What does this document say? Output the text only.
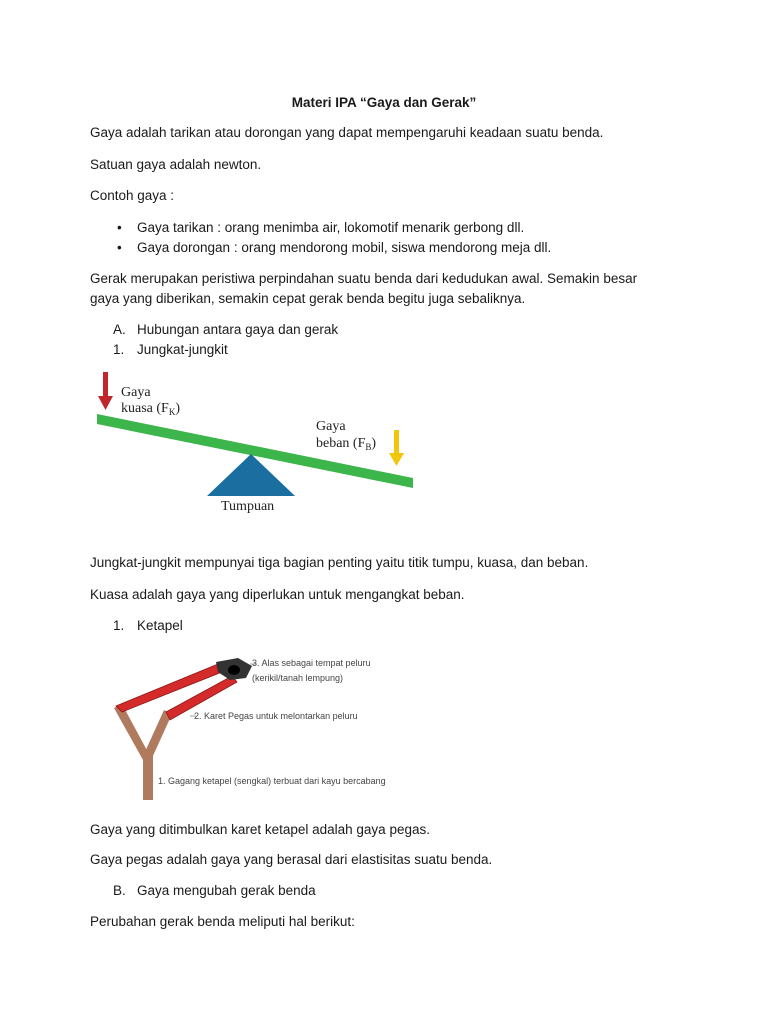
Materi IPA “Gaya dan Gerak”
Gaya adalah tarikan atau dorongan yang dapat mempengaruhi keadaan suatu benda.
Satuan gaya adalah newton.
Contoh gaya :
• Gaya tarikan : orang menimba air, lokomotif menarik gerbong dll.
• Gaya dorongan : orang mendorong mobil, siswa mendorong meja dll.
Gerak merupakan peristiwa perpindahan suatu benda dari kedudukan awal. Semakin besar
gaya yang diberikan, semakin cepat gerak benda begitu juga sebaliknya.
A. Hubungan antara gaya dan gerak
1. Jungkat-jungkit
Gaya
kuasa $(F_K)$
Gaya
beban $(F_B)$
Tumpuan
Jungkat-jungkit mempunyai tiga bagian penting yaitu titik tumpu, kuasa, dan beban.
Kuasa adalah gaya yang diperlukan untuk mengangkat beban.
1. Ketapel
3. Alas sebagai tempat peluru
(kerikil/tanah lempung)
2. Karet Pegas untuk melontarkan peluru
1. Gagang ketapel (sengkal) terbuat dari kayu bercabang
Gaya yang ditimbulkan karet ketapel adalah gaya pegas.
Gaya pegas adalah gaya yang berasal dari elastisitas suatu benda.
B. Gaya mengubah gerak benda
Perubahan gerak benda meliputi hal berikut:
